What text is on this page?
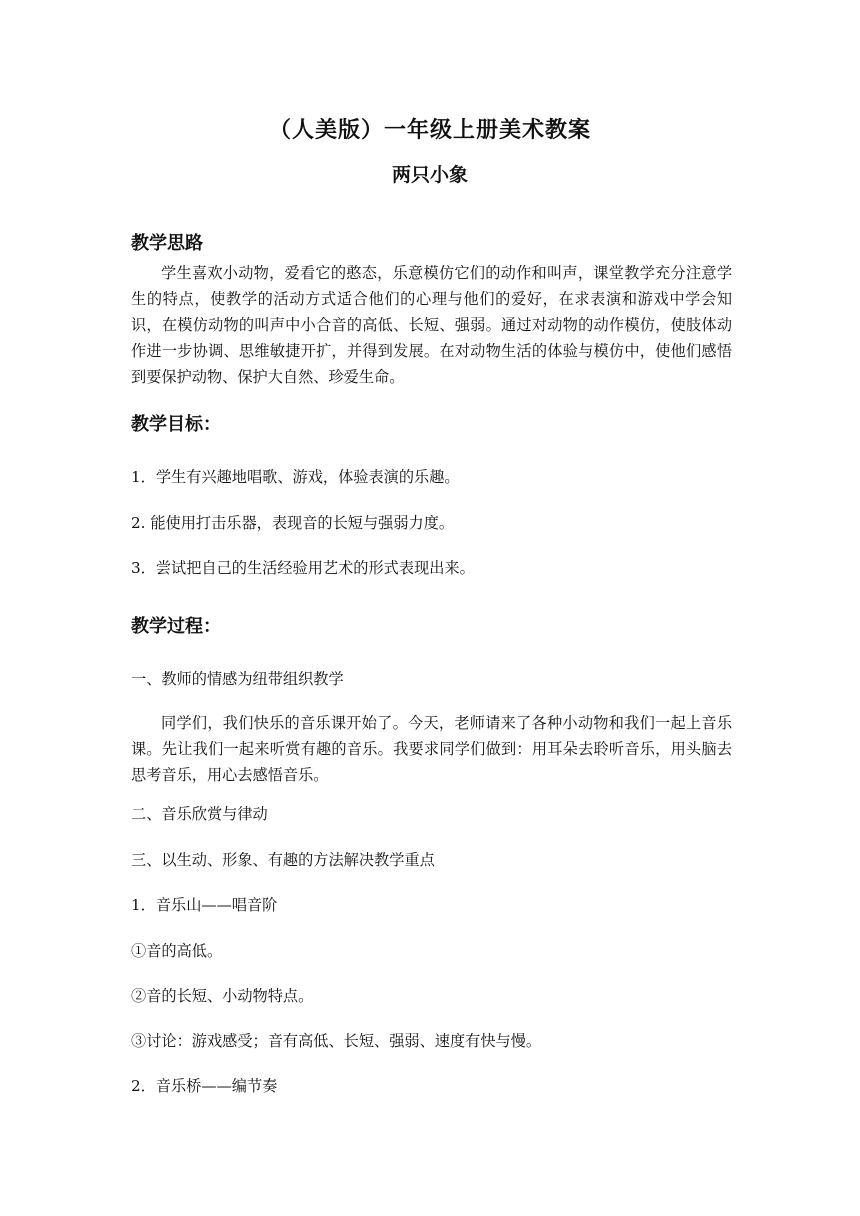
（人美版）一年级上册美术教案
两只小象
教学思路
学生喜欢小动物，爱看它的憨态，乐意模仿它们的动作和叫声，课堂教学充分注意学生的特点，使教学的活动方式适合他们的心理与他们的爱好，在求表演和游戏中学会知识，在模仿动物的叫声中小合音的高低、长短、强弱。通过对动物的动作模仿，使肢体动作进一步协调、思维敏捷开扩，并得到发展。在对动物生活的体验与模仿中，使他们感悟到要保护动物、保护大自然、珍爱生命。
教学目标：
1．学生有兴趣地唱歌、游戏，体验表演的乐趣。
2. 能使用打击乐器，表现音的长短与强弱力度。
3．尝试把自己的生活经验用艺术的形式表现出来。
教学过程：
一、教师的情感为纽带组织教学
同学们，我们快乐的音乐课开始了。今天，老师请来了各种小动物和我们一起上音乐课。先让我们一起来听赏有趣的音乐。我要求同学们做到：用耳朵去聆听音乐，用头脑去思考音乐，用心去感悟音乐。
二、音乐欣赏与律动
三、以生动、形象、有趣的方法解决教学重点
1．音乐山——唱音阶
①音的高低。
②音的长短、小动物特点。
③讨论：游戏感受；音有高低、长短、强弱、速度有快与慢。
2．音乐桥——编节奏
